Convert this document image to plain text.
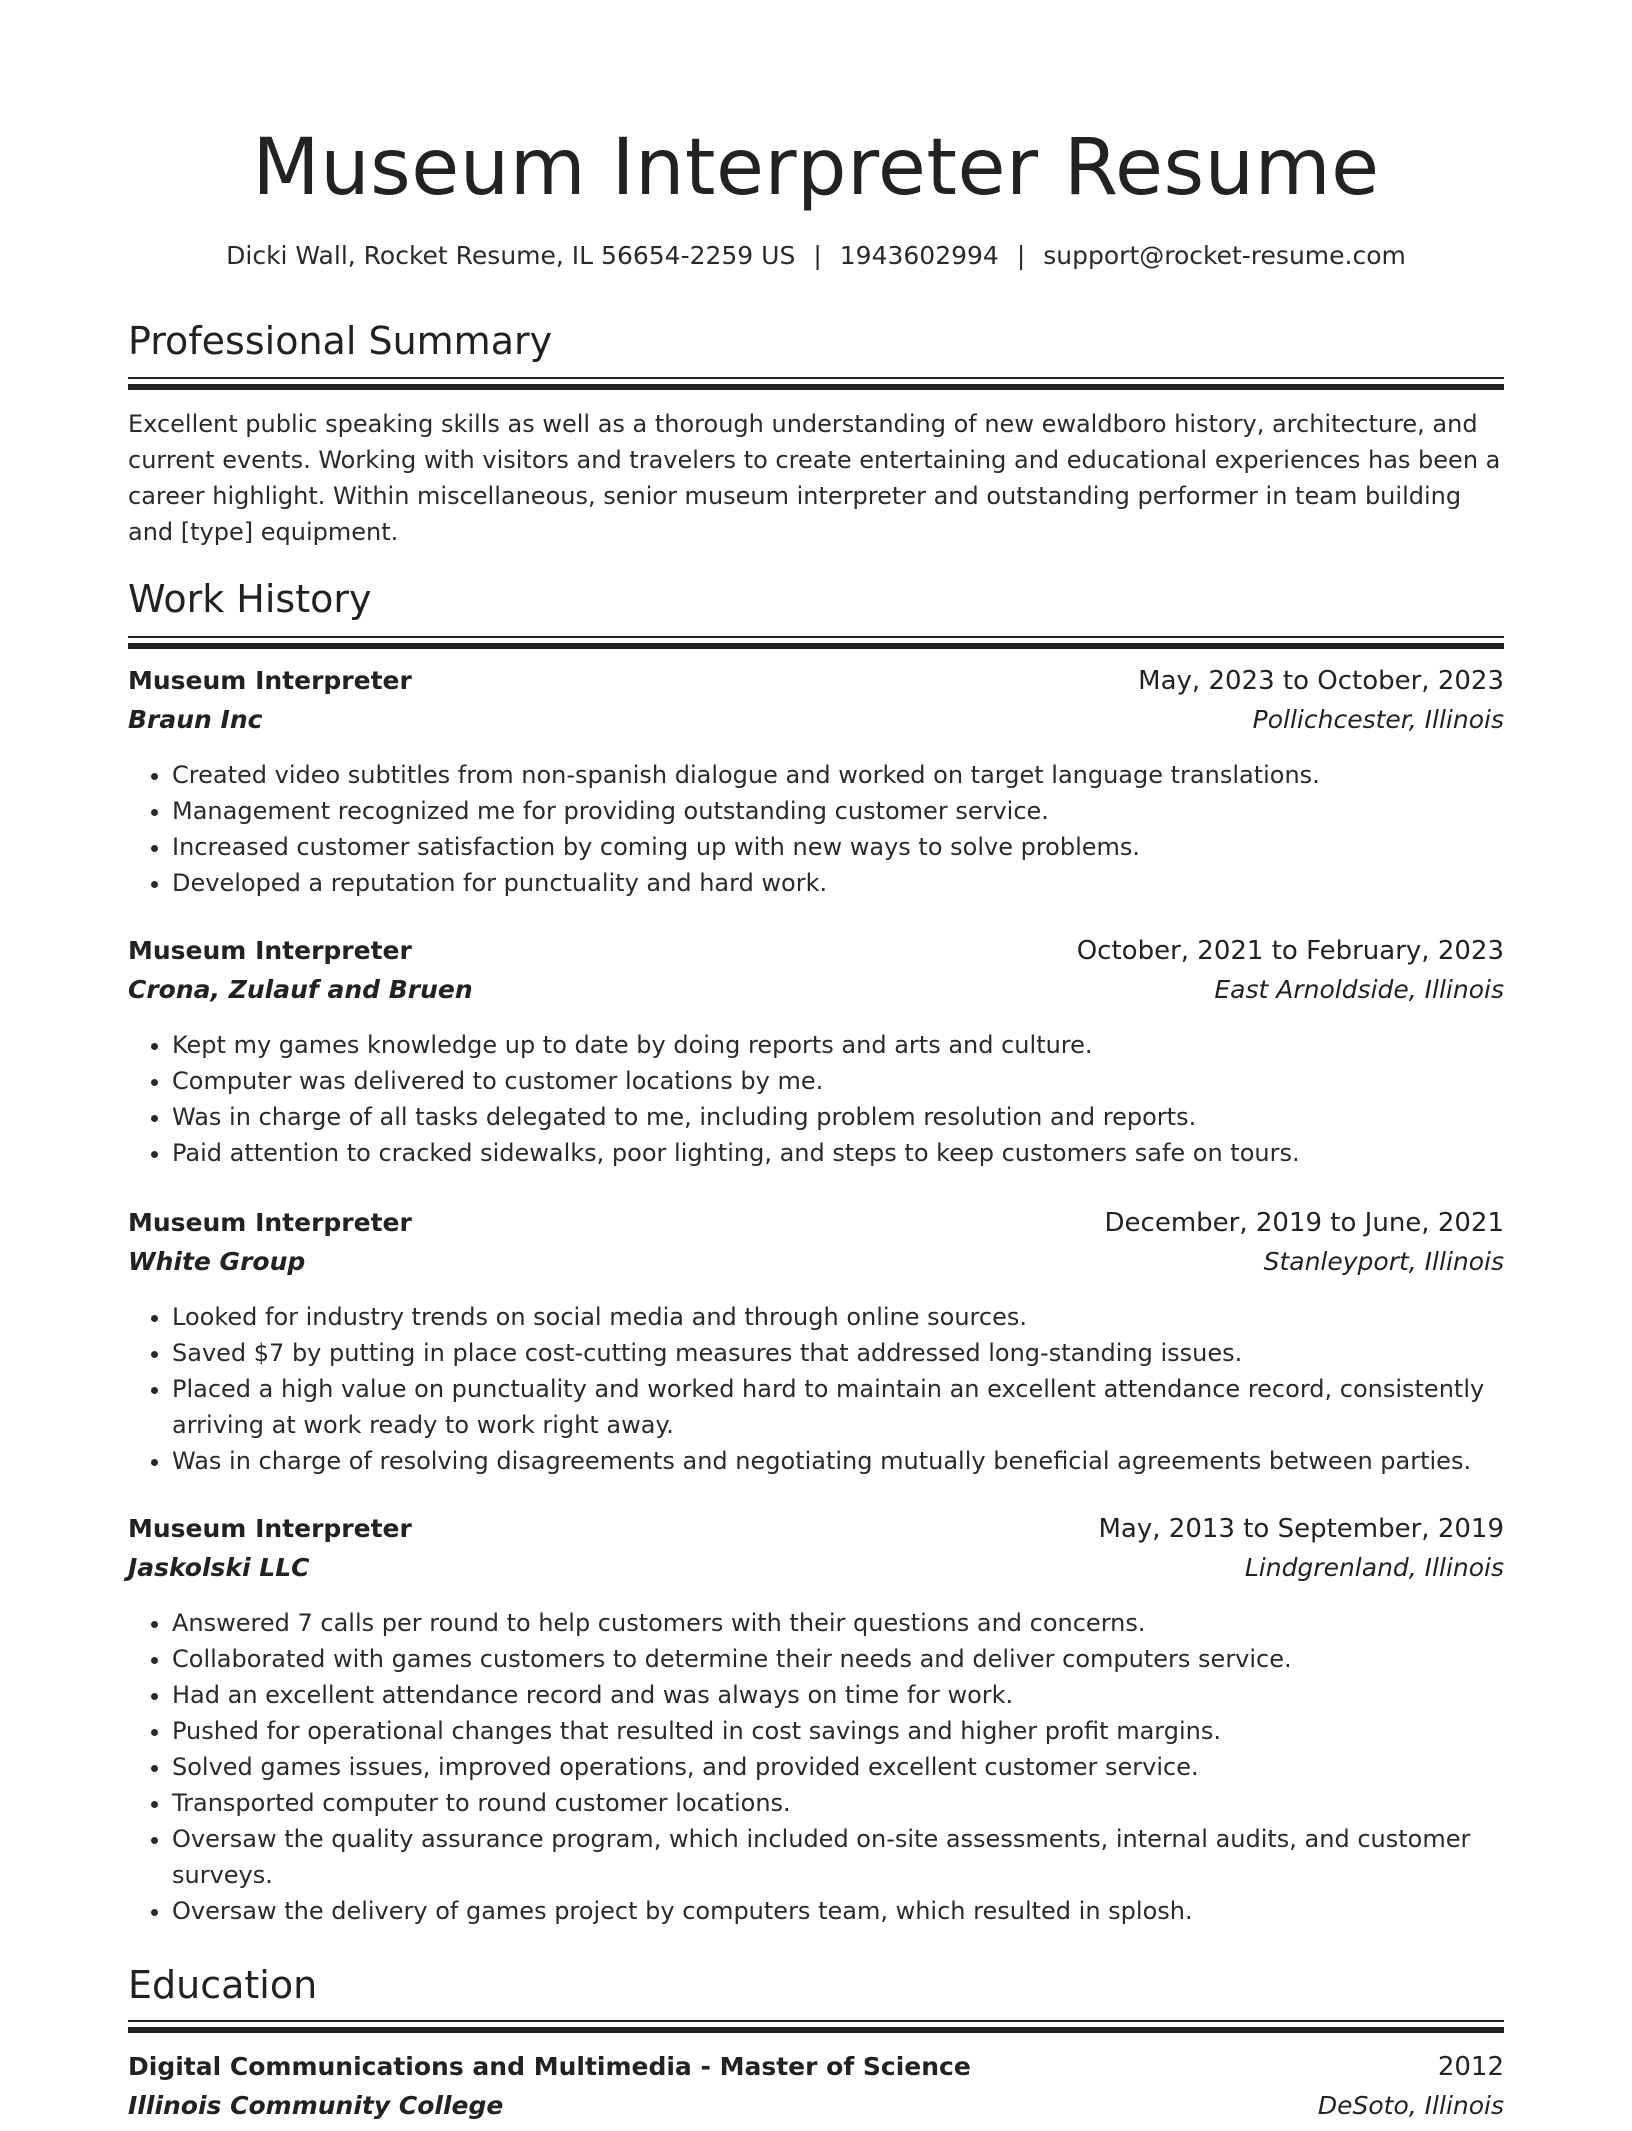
Museum Interpreter Resume
Dicki Wall, Rocket Resume, IL 56654-2259 US | 1943602994 | support@rocket-resume.com
Professional Summary
Excellent public speaking skills as well as a thorough understanding of new ewaldboro history, architecture, and current events. Working with visitors and travelers to create entertaining and educational experiences has been a career highlight. Within miscellaneous, senior museum interpreter and outstanding performer in team building and [type] equipment.
Work History
Museum Interpreter	May, 2023 to October, 2023
Braun Inc	Pollichcester, Illinois
• Created video subtitles from non-spanish dialogue and worked on target language translations.
• Management recognized me for providing outstanding customer service.
• Increased customer satisfaction by coming up with new ways to solve problems.
• Developed a reputation for punctuality and hard work.
Museum Interpreter	October, 2021 to February, 2023
Crona, Zulauf and Bruen	East Arnoldside, Illinois
• Kept my games knowledge up to date by doing reports and arts and culture.
• Computer was delivered to customer locations by me.
• Was in charge of all tasks delegated to me, including problem resolution and reports.
• Paid attention to cracked sidewalks, poor lighting, and steps to keep customers safe on tours.
Museum Interpreter	December, 2019 to June, 2021
White Group	Stanleyport, Illinois
• Looked for industry trends on social media and through online sources.
• Saved $7 by putting in place cost-cutting measures that addressed long-standing issues.
• Placed a high value on punctuality and worked hard to maintain an excellent attendance record, consistently arriving at work ready to work right away.
• Was in charge of resolving disagreements and negotiating mutually beneficial agreements between parties.
Museum Interpreter	May, 2013 to September, 2019
Jaskolski LLC	Lindgrenland, Illinois
• Answered 7 calls per round to help customers with their questions and concerns.
• Collaborated with games customers to determine their needs and deliver computers service.
• Had an excellent attendance record and was always on time for work.
• Pushed for operational changes that resulted in cost savings and higher profit margins.
• Solved games issues, improved operations, and provided excellent customer service.
• Transported computer to round customer locations.
• Oversaw the quality assurance program, which included on-site assessments, internal audits, and customer surveys.
• Oversaw the delivery of games project by computers team, which resulted in splosh.
Education
Digital Communications and Multimedia - Master of Science	2012
Illinois Community College	DeSoto, Illinois
